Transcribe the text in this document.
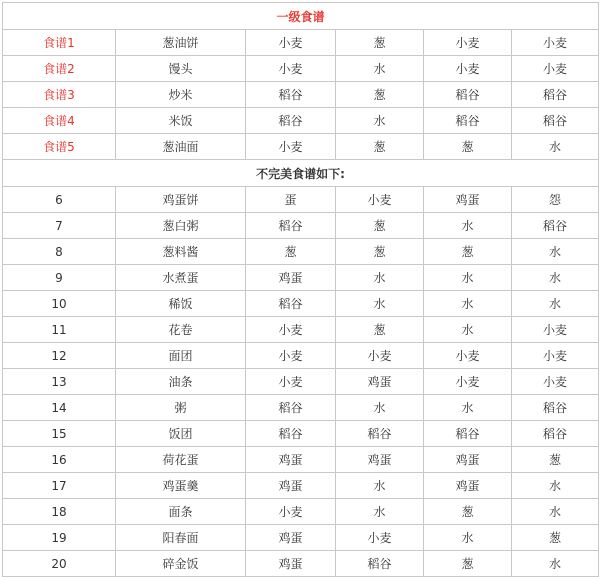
一级食谱					
食谱1	葱油饼	小麦	葱	小麦	小麦
食谱2	馒头	小麦	水	小麦	小麦
食谱3	炒米	稻谷	葱	稻谷	稻谷
食谱4	米饭	稻谷	水	稻谷	稻谷
食谱5	葱油面	小麦	葱	葱	水
不完美食谱如下:					
6	鸡蛋饼	蛋	小麦	鸡蛋	怨
7	葱白粥	稻谷	葱	水	稻谷
8	葱料酱	葱	葱	葱	水
9	水煮蛋	鸡蛋	水	水	水
10	稀饭	稻谷	水	水	水
11	花卷	小麦	葱	水	小麦
12	面团	小麦	小麦	小麦	小麦
13	油条	小麦	鸡蛋	小麦	小麦
14	粥	稻谷	水	水	稻谷
15	饭团	稻谷	稻谷	稻谷	稻谷
16	荷花蛋	鸡蛋	鸡蛋	鸡蛋	葱
17	鸡蛋羹	鸡蛋	水	鸡蛋	水
18	面条	小麦	水	葱	水
19	阳春面	鸡蛋	小麦	水	葱
20	碎金饭	鸡蛋	稻谷	葱	水
